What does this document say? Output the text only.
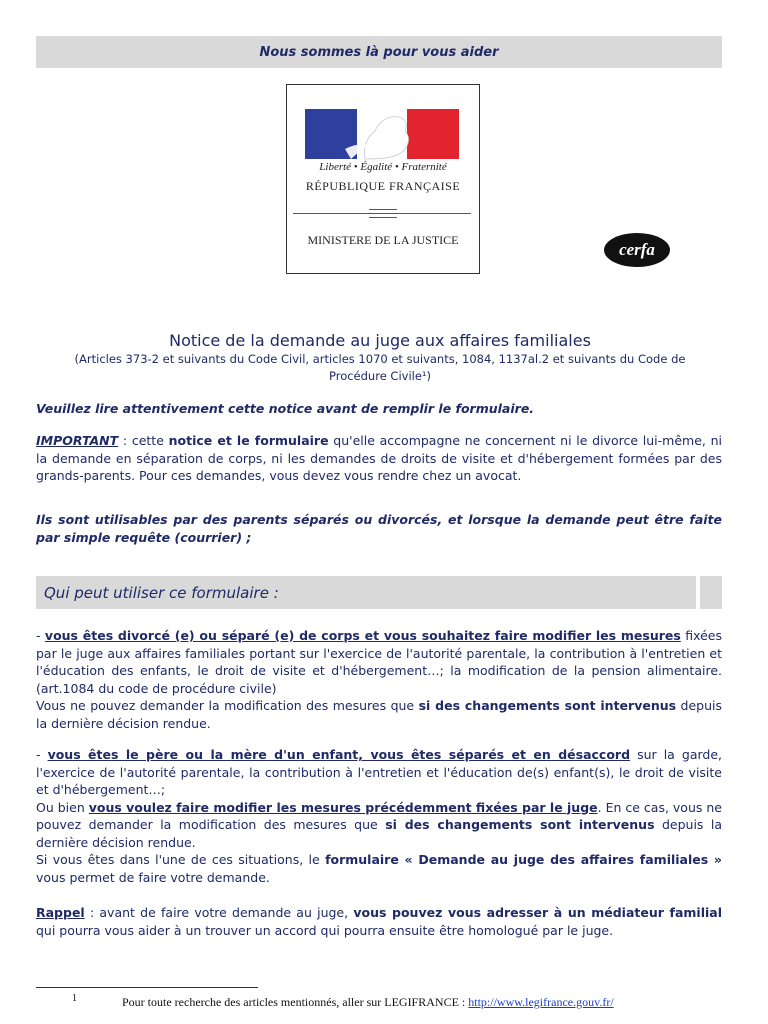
Nous sommes là pour vous aider
Liberté • Égalité • Fraternité
RÉPUBLIQUE FRANÇAISE
MINISTERE DE LA JUSTICE	cerfa
Notice de la demande au juge aux affaires familiales
(Articles 373-2 et suivants du Code Civil, articles 1070 et suivants, 1084, 1137al.2 et suivants du Code de Procédure Civile¹)
Veuillez lire attentivement cette notice avant de remplir le formulaire.
IMPORTANT : cette notice et le formulaire qu'elle accompagne ne concernent ni le divorce lui-même, ni la demande en séparation de corps, ni les demandes de droits de visite et d'hébergement formées par des grands-parents. Pour ces demandes, vous devez vous rendre chez un avocat.
Ils sont utilisables par des parents séparés ou divorcés, et lorsque la demande peut être faite par simple requête (courrier) ;
Qui peut utiliser ce formulaire :
- vous êtes divorcé (e) ou séparé (e) de corps et vous souhaitez faire modifier les mesures fixées par le juge aux affaires familiales portant sur l'exercice de l'autorité parentale, la contribution à l'entretien et l'éducation des enfants, le droit de visite et d'hébergement…; la modification de la pension alimentaire. (art.1084 du code de procédure civile)
Vous ne pouvez demander la modification des mesures que si des changements sont intervenus depuis la dernière décision rendue.
- vous êtes le père ou la mère d'un enfant, vous êtes séparés et en désaccord sur la garde, l'exercice de l'autorité parentale, la contribution à l'entretien et l'éducation de(s) enfant(s), le droit de visite et d'hébergement…;
Ou bien vous voulez faire modifier les mesures précédemment fixées par le juge. En ce cas, vous ne pouvez demander la modification des mesures que si des changements sont intervenus depuis la dernière décision rendue.
Si vous êtes dans l'une de ces situations, le formulaire « Demande au juge des affaires familiales » vous permet de faire votre demande.
Rappel : avant de faire votre demande au juge, vous pouvez vous adresser à un médiateur familial qui pourra vous aider à un trouver un accord qui pourra ensuite être homologué par le juge.
1	Pour toute recherche des articles mentionnés, aller sur LEGIFRANCE : http://www.legifrance.gouv.fr/
